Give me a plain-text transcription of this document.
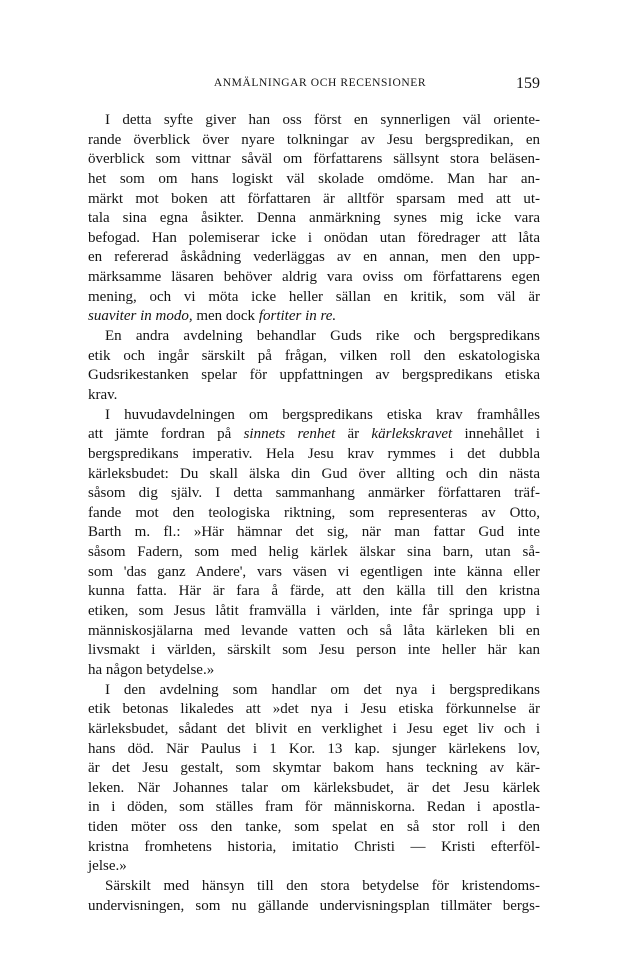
ANMÄLNINGAR OCH RECENSIONER	159
I detta syfte giver han oss först en synnerligen väl oriente-
rande överblick över nyare tolkningar av Jesu bergspredikan, en
överblick som vittnar såväl om författarens sällsynt stora beläsen-
het som om hans logiskt väl skolade omdöme. Man har an-
märkt mot boken att författaren är alltför sparsam med att ut-
tala sina egna åsikter. Denna anmärkning synes mig icke vara
befogad. Han polemiserar icke i onödan utan föredrager att låta
en refererad åskådning vederläggas av en annan, men den upp-
märksamme läsaren behöver aldrig vara oviss om författarens egen
mening, och vi möta icke heller sällan en kritik, som väl är
suaviter in modo, men dock fortiter in re.
En andra avdelning behandlar Guds rike och bergspredikans
etik och ingår särskilt på frågan, vilken roll den eskatologiska
Gudsrikestanken spelar för uppfattningen av bergspredikans etiska
krav.
I huvudavdelningen om bergspredikans etiska krav framhålles
att jämte fordran på sinnets renhet är kärlekskravet innehållet i
bergspredikans imperativ. Hela Jesu krav rymmes i det dubbla
kärleksbudet: Du skall älska din Gud över allting och din nästa
såsom dig själv. I detta sammanhang anmärker författaren träf-
fande mot den teologiska riktning, som representeras av Otto,
Barth m. fl.: »Här hämnar det sig, när man fattar Gud inte
såsom Fadern, som med helig kärlek älskar sina barn, utan så-
som 'das ganz Andere', vars väsen vi egentligen inte känna eller
kunna fatta. Här är fara å färde, att den källa till den kristna
etiken, som Jesus låtit framvälla i världen, inte får springa upp i
människosjälarna med levande vatten och så låta kärleken bli en
livsmakt i världen, särskilt som Jesu person inte heller här kan
ha någon betydelse.»
I den avdelning som handlar om det nya i bergspredikans
etik betonas likaledes att »det nya i Jesu etiska förkunnelse är
kärleksbudet, sådant det blivit en verklighet i Jesu eget liv och i
hans död. När Paulus i 1 Kor. 13 kap. sjunger kärlekens lov,
är det Jesu gestalt, som skymtar bakom hans teckning av kär-
leken. När Johannes talar om kärleksbudet, är det Jesu kärlek
in i döden, som ställes fram för människorna. Redan i apostla-
tiden möter oss den tanke, som spelat en så stor roll i den
kristna fromhetens historia, imitatio Christi — Kristi efterföl-
jelse.»
Särskilt med hänsyn till den stora betydelse för kristendoms-
undervisningen, som nu gällande undervisningsplan tillmäter bergs-
